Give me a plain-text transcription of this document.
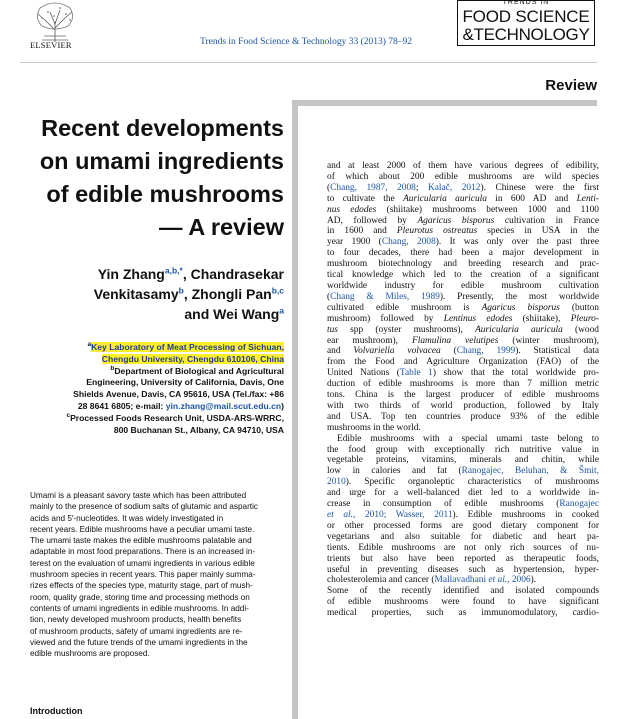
ELSEVIER	Trends in Food Science & Technology 33 (2013) 78–92
TRENDS IN
FOOD SCIENCE
&TECHNOLOGY
Review
Recent developments
on umami ingredients
of edible mushrooms
— A review
Yin Zhang$^{a,b,*}$, Chandrasekar
Venkitasamy$^b$, Zhongli Pan$^{b,c}$
and Wei Wang$^a$
$^a$Key Laboratory of Meat Processing of Sichuan,
Chengdu University, Chengdu 610106, China
$^b$Department of Biological and Agricultural
Engineering, University of California, Davis, One
Shields Avenue, Davis, CA 95616, USA (Tel./fax: +86
28 8641 6805; e-mail: yin.zhang@mail.scut.edu.cn)
$^c$Processed Foods Research Unit, USDA-ARS-WRRC,
800 Buchanan St., Albany, CA 94710, USA
Umami is a pleasant savory taste which has been attributed
mainly to the presence of sodium salts of glutamic and aspartic
acids and 5′-nucleotides. It was widely investigated in
recent years. Edible mushrooms have a peculiar umami taste.
The umami taste makes the edible mushrooms palatable and
adaptable in most food preparations. There is an increased in-
terest on the evaluation of umami ingredients in various edible
mushroom species in recent years. This paper mainly summa-
rizes effects of the species type, maturity stage, part of mush-
room, quality grade, storing time and processing methods on
contents of umami ingredients in edible mushrooms. In addi-
tion, newly developed mushroom products, health benefits
of mushroom products, safety of umami ingredients are re-
viewed and the future trends of the umami ingredients in the
edible mushrooms are proposed.
Introduction
and at least 2000 of them have various degrees of edibility,
of which about 200 edible mushrooms are wild species
(Chang, 1987, 2008; Kalač, 2012). Chinese were the first
to cultivate the Auricularia auricula in 600 AD and Lenti-
nus edodes (shiitake) mushrooms between 1000 and 1100
AD, followed by Agaricus bisporus cultivation in France
in 1600 and Pleurotus ostreatus species in USA in the
year 1900 (Chang, 2008). It was only over the past three
to four decades, there had been a major development in
mushroom biotechnology and breeding research and prac-
tical knowledge which led to the creation of a significant
worldwide industry for edible mushroom cultivation
(Chang & Miles, 1989). Presently, the most worldwide
cultivated edible mushroom is Agaricus bisporus (button
mushroom) followed by Lentinus edodes (shiitake), Pleuro-
tus spp (oyster mushrooms), Auricularia auricula (wood
ear mushroom), Flamulina velutipes (winter mushroom),
and Volvariella volvacea (Chang, 1999). Statistical data
from the Food and Agriculture Organization (FAO) of the
United Nations (Table 1) show that the total worldwide pro-
duction of edible mushrooms is more than 7 million metric
tons. China is the largest producer of edible mushrooms
with two thirds of world production, followed by Italy
and USA. Top ten countries produce 93% of the edible
mushrooms in the world.
Edible mushrooms with a special umami taste belong to
the food group with exceptionally rich nutritive value in
vegetable proteins, vitamins, minerals and chitin, while
low in calories and fat (Ranogajec, Beluhan, & Šmit,
2010). Specific organoleptic characteristics of mushrooms
and urge for a well-balanced diet led to a worldwide in-
crease in consumption of edible mushrooms (Ranogajec
et al., 2010; Wasser, 2011). Edible mushrooms in cooked
or other processed forms are good dietary component for
vegetarians and also suitable for diabetic and heart pa-
tients. Edible mushrooms are not only rich sources of nu-
trients but also have been reported as therapeutic foods,
useful in preventing diseases such as hypertension, hyper-
cholesterolemia and cancer (Mallavadhani et al., 2006).
Some of the recently identified and isolated compounds
of edible mushrooms were found to have significant
medical properties, such as immunomodulatory, cardio-
